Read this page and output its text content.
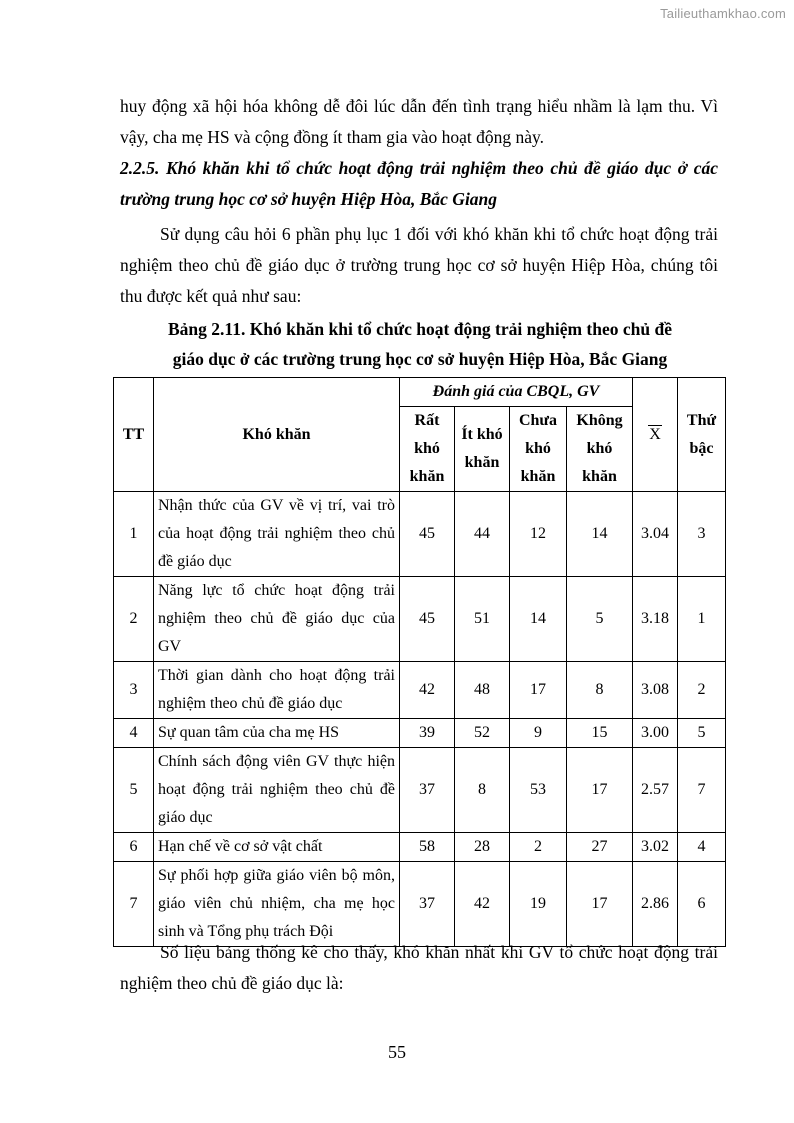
Tailieuthamkhao.com

huy động xã hội hóa không dễ đôi lúc dẫn đến tình trạng hiểu nhầm là lạm thu. Vì vậy, cha mẹ HS và cộng đồng ít tham gia vào hoạt động này.

2.2.5. Khó khăn khi tổ chức hoạt động trải nghiệm theo chủ đề giáo dục ở các trường trung học cơ sở huyện Hiệp Hòa, Bắc Giang

Sử dụng câu hỏi 6 phần phụ lục 1 đối với khó khăn khi tổ chức hoạt động trải nghiệm theo chủ đề giáo dục ở trường trung học cơ sở huyện Hiệp Hòa, chúng tôi thu được kết quả như sau:

Bảng 2.11. Khó khăn khi tổ chức hoạt động trải nghiệm theo chủ đề

giáo dục ở các trường trung học cơ sở huyện Hiệp Hòa, Bắc Giang

TT	Khó khăn	Đánh giá của CBQL, GV				X	Thứ bậc
		Rất khó khăn	Ít khó khăn	Chưa khó khăn	Không khó khăn		
1	Nhận thức của GV về vị trí, vai trò của hoạt động trải nghiệm theo chủ đề giáo dục	45	44	12	14	3.04	3
2	Năng lực tổ chức hoạt động trải nghiệm theo chủ đề giáo dục của GV	45	51	14	5	3.18	1
3	Thời gian dành cho hoạt động trải nghiệm theo chủ đề giáo dục	42	48	17	8	3.08	2
4	Sự quan tâm của cha mẹ HS	39	52	9	15	3.00	5
5	Chính sách động viên GV thực hiện hoạt động trải nghiệm theo chủ đề giáo dục	37	8	53	17	2.57	7
6	Hạn chế về cơ sở vật chất	58	28	2	27	3.02	4
7	Sự phối hợp giữa giáo viên bộ môn, giáo viên chủ nhiệm, cha mẹ học sinh và Tổng phụ trách Đội	37	42	19	17	2.86	6

Số liệu bảng thống kê cho thấy, khó khăn nhất khi GV tổ chức hoạt động trải nghiệm theo chủ đề giáo dục là:

55
